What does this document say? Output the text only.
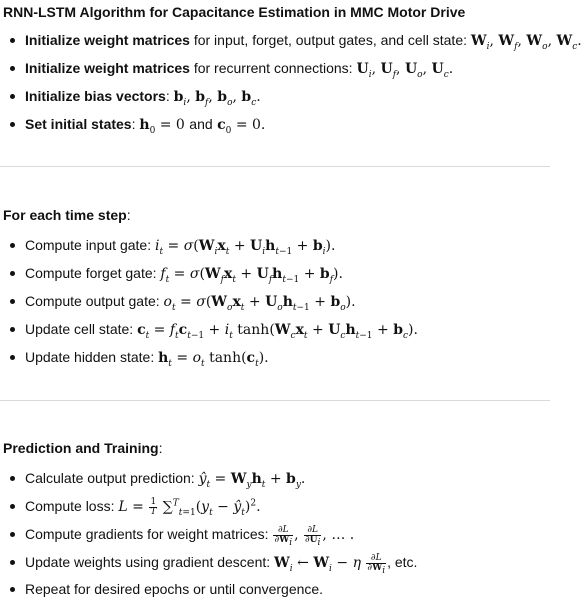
RNN-LSTM Algorithm for Capacitance Estimation in MMC Motor Drive
Initialize weight matrices for input, forget, output gates, and cell state: $W_i$, $W_f$, $W_o$, $W_c$.
Initialize weight matrices for recurrent connections: $U_i$, $U_f$, $U_o$, $U_c$.
Initialize bias vectors: $b_i$, $b_f$, $b_o$, $b_c$.
Set initial states: $h_0 = 0$ and $c_0 = 0$.
For each time step:
Compute input gate: $i_t = \sigma(W_ix_t + U_ih_{t-1} + b_i)$.
Compute forget gate: $f_t = \sigma(W_fx_t + U_fh_{t-1} + b_f)$.
Compute output gate: $o_t = \sigma(W_ox_t + U_oh_{t-1} + b_o)$.
Update cell state: $c_t = f_tc_{t-1} + i_t$ $\tanh(W_cx_t + U_ch_{t-1} + b_c)$.
Update hidden state: $h_t = o_t$ $\tanh(c_t)$.
Prediction and Training:
Calculate output prediction: $ŷ_t = W_yh_t + b_y$.
Compute loss: $L = \frac{1}{T} \sum^T_{t=1}(y_t$ − $ŷ_t)^2$.
Compute gradients for weight matrices: $\frac{\partial L}{\partial W_i}$ , $\frac{\partial L}{\partial U_i}$ , … .
Update weights using gradient descent: $W_i$ ← $W_i - \eta \frac{\partial L}{\partial W_i}$ , etc.
Repeat for desired epochs or until convergence.
